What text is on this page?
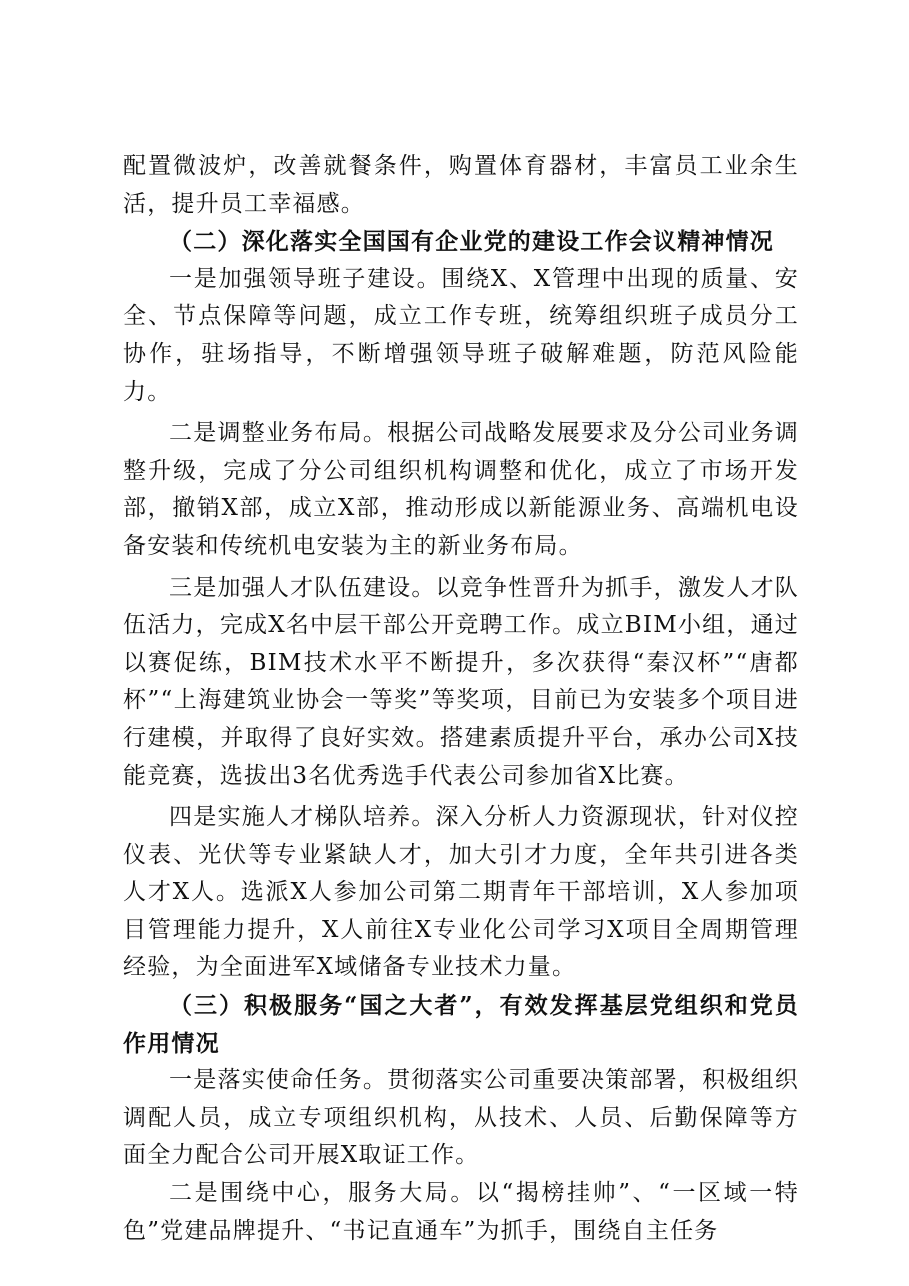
配置微波炉，改善就餐条件，购置体育器材，丰富员工业余生活，提升员工幸福感。

（二）深化落实全国国有企业党的建设工作会议精神情况

一是加强领导班子建设。围绕X、X管理中出现的质量、安全、节点保障等问题，成立工作专班，统筹组织班子成员分工协作，驻场指导，不断增强领导班子破解难题，防范风险能力。

二是调整业务布局。根据公司战略发展要求及分公司业务调整升级，完成了分公司组织机构调整和优化，成立了市场开发部，撤销X部，成立X部，推动形成以新能源业务、高端机电设备安装和传统机电安装为主的新业务布局。

三是加强人才队伍建设。以竞争性晋升为抓手，激发人才队伍活力，完成X名中层干部公开竞聘工作。成立BIM小组，通过以赛促练，BIM技术水平不断提升，多次获得“秦汉杯”“唐都杯”“上海建筑业协会一等奖”等奖项，目前已为安装多个项目进行建模，并取得了良好实效。搭建素质提升平台，承办公司X技能竞赛，选拔出3名优秀选手代表公司参加省X比赛。

四是实施人才梯队培养。深入分析人力资源现状，针对仪控仪表、光伏等专业紧缺人才，加大引才力度，全年共引进各类人才X人。选派X人参加公司第二期青年干部培训，X人参加项目管理能力提升，X人前往X专业化公司学习X项目全周期管理经验，为全面进军X域储备专业技术力量。

（三）积极服务“国之大者”，有效发挥基层党组织和党员作用情况

一是落实使命任务。贯彻落实公司重要决策部署，积极组织调配人员，成立专项组织机构，从技术、人员、后勤保障等方面全力配合公司开展X取证工作。

二是围绕中心，服务大局。以“揭榜挂帅”、“一区域一特色”党建品牌提升、“书记直通车”为抓手，围绕自主任务
